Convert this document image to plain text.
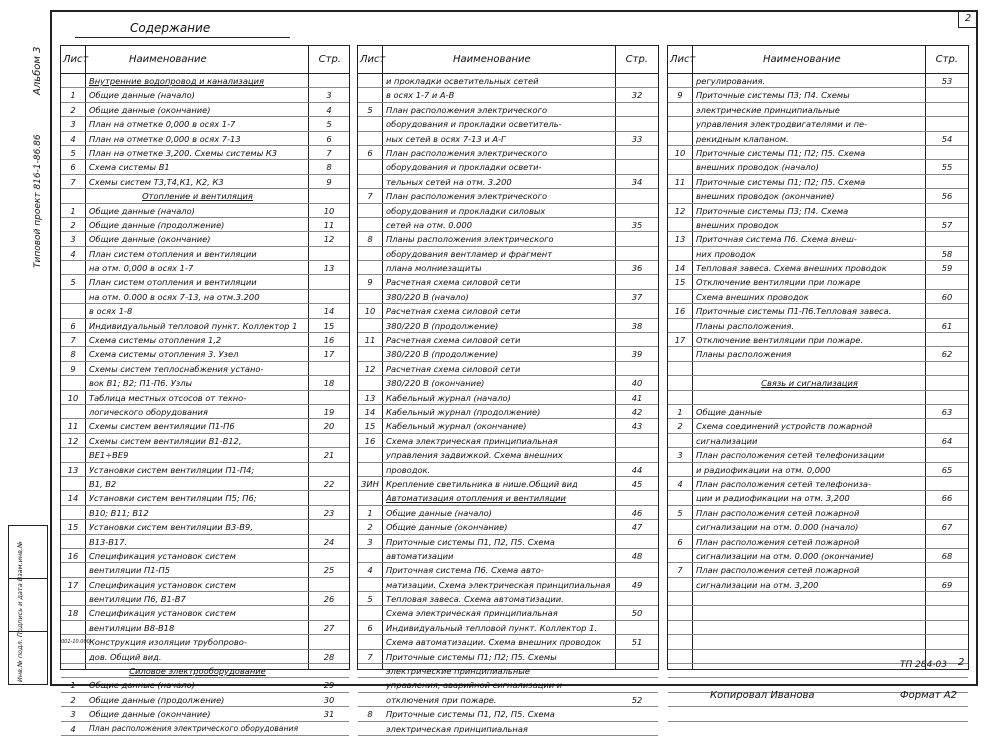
2
Содержание
Лист	Наименование	Стр.
Внутренние водопровод и канализация
1	Общие данные (начало)	3
2	Общие данные (окончание)	4
3	План на отметке 0,000 в осях 1-7	5
4	План на отметке 0,000 в осях 7-13	6
5	План на отметке 3,200. Схемы системы К3	7
6	Схема системы В1	8
7	Схемы систем Т3,Т4,К1, К2, К3	9
Отопление и вентиляция
1	Общие данные (начало)	10
2	Общие данные (продолжение)	11
3	Общие данные (окончание)	12
4	План систем отопления и вентиляции
на отм. 0,000 в осях 1-7	13
5	План систем отопления и вентиляции
на отм. 0.000 в осях 7-13, на отм.3.200
в осях 1-8	14
6	Индивидуальный тепловой пункт. Коллектор 1	15
7	Схема системы отопления 1,2	16
8	Схема системы отопления 3. Узел	17
9	Схемы систем теплоснабжения устано-
вок В1; В2; П1-П6. Узлы	18
10	Таблица местных отсосов от техно-
логического оборудования	19
11	Схемы систем вентиляции П1-П6	20
12	Схемы систем вентиляции В1-В12,
ВЕ1÷ВЕ9	21
13	Установки систем вентиляции П1-П4;
В1, В2	22
14	Установки систем вентиляции П5; П6;
В10; В11; В12	23
15	Установки систем вентиляции В3-В9,
В13-В17.	24
16	Спецификация установок систем
вентиляции П1-П5	25
17	Спецификация установок систем
вентиляции П6, В1-В7	26
18	Спецификация установок систем
вентиляции В8-В18	27
001-10.000 Конструкция изоляции трубопрово-
дов. Общий вид.	28
Силовое электрооборудование
1	Общие данные (начало)	29
2	Общие данные (продолжение)	30
3	Общие данные (окончание)	31
4	План расположения электрического оборудования
Лист	Наименование	Стр.
и прокладки осветительных сетей
в осях 1-7 и А-В	32
5	План расположения электрического
оборудования и прокладки осветитель-
ных сетей в осях 7-13 и А-Г	33
6	План расположения электрического
оборудования и прокладки освети-
тельных сетей на отм. 3.200	34
7	План расположения электрического
оборудования и прокладки силовых
сетей на отм. 0.000	35
8	Планы расположения электрического
оборудования вентламер и фрагмент
плана молниезащиты	36
9	Расчетная схема силовой сети
380/220 В (начало)	37
10	Расчетная схема силовой сети
380/220 В (продолжение)	38
11	Расчетная схема силовой сети
380/220 В (продолжение)	39
12	Расчетная схема силовой сети
380/220 В (окончание)	40
13	Кабельный журнал (начало)	41
14	Кабельный журнал (продолжение)	42
15	Кабельный журнал (окончание)	43
16	Схема электрическая принципиальная
управления задвижкой. Схема внешних
проводок.	44
3ИН Крепление светильника в нише.Общий вид	45
Автоматизация отопления и вентиляции
1	Общие данные (начало)	46
2	Общие данные (окончание)	47
3	Приточные системы П1, П2, П5. Схема
автоматизации	48
4	Приточная система П6. Схема авто-
матизации. Схема электрическая принципиальная	49
5	Тепловая завеса. Схема автоматизации.
Схема электрическая принципиальная	50
6	Индивидуальный тепловой пункт. Коллектор 1.
Схема автоматизации. Схема внешних проводок	51
7	Приточные системы П1; П2; П5. Схемы
электрические принципиальные
управления, аварийной сигнализации и
отключения при пожаре.	52
8	Приточные системы П1, П2, П5. Схема
электрическая принципиальная
Лист	Наименование	Стр.
регулирования.	53
9	Приточные системы П3; П4. Схемы
электрические принципиальные
управления электродвигателями и пе-
рекидным клапаном.	54
10	Приточные системы П1; П2; П5. Схема
внешних проводок (начало)	55
11	Приточные системы П1; П2; П5. Схема
внешних проводок (окончание)	56
12	Приточные системы П3; П4. Схема
внешних проводок	57
13	Приточная система П6. Схема внеш-
них проводок	58
14	Тепловая завеса. Схема внешних проводок	59
15	Отключение вентиляции при пожаре
Схема внешних проводок	60
16	Приточные системы П1-П6.Тепловая завеса.
Планы расположения.	61
17	Отключение вентиляции при пожаре.
Планы расположения	62
Связь и сигнализация
1	Общие данные	63
2	Схема соединений устройств пожарной
сигнализации	64
3	План расположения сетей телефонизации
и радиофикации на отм. 0,000	65
4	План расположения сетей телефониза-
ции и радиофикации на отм. 3,200	66
5	План расположения сетей пожарной
сигнализации на отм. 0.000 (начало)	67
6	План расположения сетей пожарной
сигнализации на отм. 0.000 (окончание)	68
7	План расположения сетей пожарной
сигнализации на отм. 3,200	69
Альбом 3
Типовой проект 816-1-86.86
Инв.№ подл. Подпись и дата Взам.инв.№
Копировал Иванова
ТП 284-03 2
Формат А2
